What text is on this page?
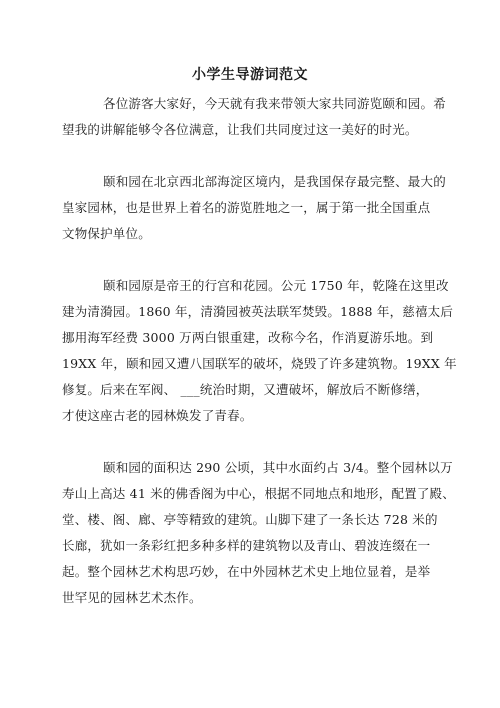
小学生导游词范文
各位游客大家好，今天就有我来带领大家共同游览颐和园。希
望我的讲解能够令各位满意，让我们共同度过这一美好的时光。
颐和园在北京西北部海淀区境内，是我国保存最完整、最大的
皇家园林，也是世界上着名的游览胜地之一，属于第一批全国重点
文物保护单位。
颐和园原是帝王的行宫和花园。公元 1750 年，乾隆在这里改
建为清漪园。1860 年，清漪园被英法联军焚毁。1888 年，慈禧太后
挪用海军经费 3000 万两白银重建，改称今名，作消夏游乐地。到
19XX 年，颐和园又遭八国联军的破坏，烧毁了许多建筑物。19XX 年
修复。后来在军阀、 ___统治时期，又遭破坏，解放后不断修缮，
才使这座古老的园林焕发了青春。
颐和园的面积达 290 公顷，其中水面约占 3/4。整个园林以万
寿山上高达 41 米的佛香阁为中心，根据不同地点和地形，配置了殿、
堂、楼、阁、廊、亭等精致的建筑。山脚下建了一条长达 728 米的
长廊，犹如一条彩红把多种多样的建筑物以及青山、碧波连缀在一
起。整个园林艺术构思巧妙，在中外园林艺术史上地位显着，是举
世罕见的园林艺术杰作。
